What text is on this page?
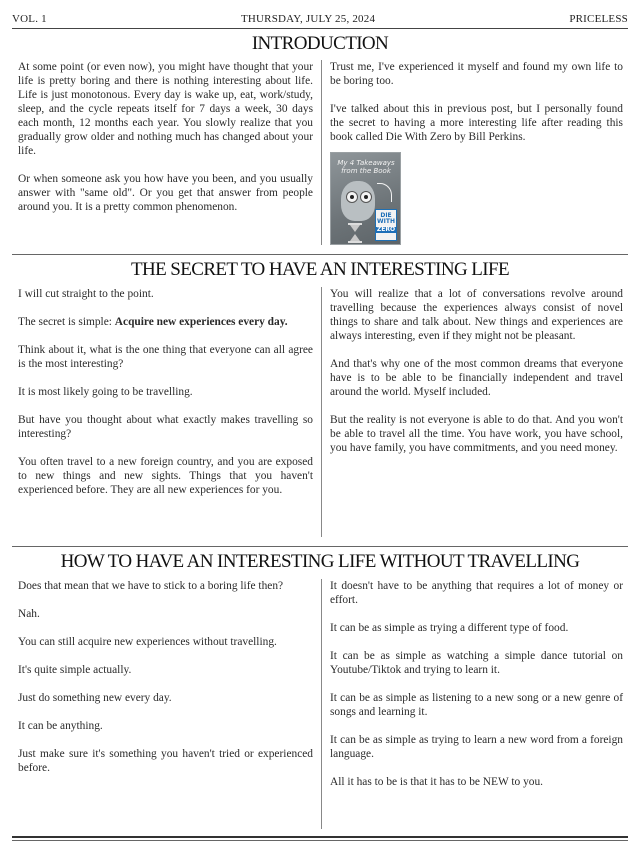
VOL. 1	THURSDAY, JULY 25, 2024	PRICELESS
INTRODUCTION

At some point (or even now), you might have thought that your life is pretty boring and there is nothing interesting about life. Life is just monotonous. Every day is wake up, eat, work/study, sleep, and the cycle repeats itself for 7 days a week, 30 days each month, 12 months each year. You slowly realize that you gradually grow older and nothing much has changed about your life.

Or when someone ask you how have you been, and you usually answer with "same old". Or you get that answer from people around you. It is a pretty common phenomenon.

Trust me, I've experienced it myself and found my own life to be boring too.

I've talked about this in previous post, but I personally found the secret to having a more interesting life after reading this book called Die With Zero by Bill Perkins.

My 4 Takeaways from the Book
DIE
WITH
ZERO
THE SECRET TO HAVE AN INTERESTING LIFE

I will cut straight to the point.

The secret is simple: Acquire new experiences every day.

Think about it, what is the one thing that everyone can all agree is the most interesting?

It is most likely going to be travelling.

But have you thought about what exactly makes travelling so interesting?

You often travel to a new foreign country, and you are exposed to new things and new sights. Things that you haven't experienced before. They are all new experiences for you.

You will realize that a lot of conversations revolve around travelling because the experiences always consist of novel things to share and talk about. New things and experiences are always interesting, even if they might not be pleasant.

And that's why one of the most common dreams that everyone have is to be able to be financially independent and travel around the world. Myself included.

But the reality is not everyone is able to do that. And you won't be able to travel all the time. You have work, you have school, you have family, you have commitments, and you need money.

HOW TO HAVE AN INTERESTING LIFE WITHOUT TRAVELLING

Does that mean that we have to stick to a boring life then?

Nah.

You can still acquire new experiences without travelling.

It's quite simple actually.

Just do something new every day.

It can be anything.

Just make sure it's something you haven't tried or experienced before.

It doesn't have to be anything that requires a lot of money or effort.

It can be as simple as trying a different type of food.

It can be as simple as watching a simple dance tutorial on Youtube/Tiktok and trying to learn it.

It can be as simple as listening to a new song or a new genre of songs and learning it.

It can be as simple as trying to learn a new word from a foreign language.

All it has to be is that it has to be NEW to you.
